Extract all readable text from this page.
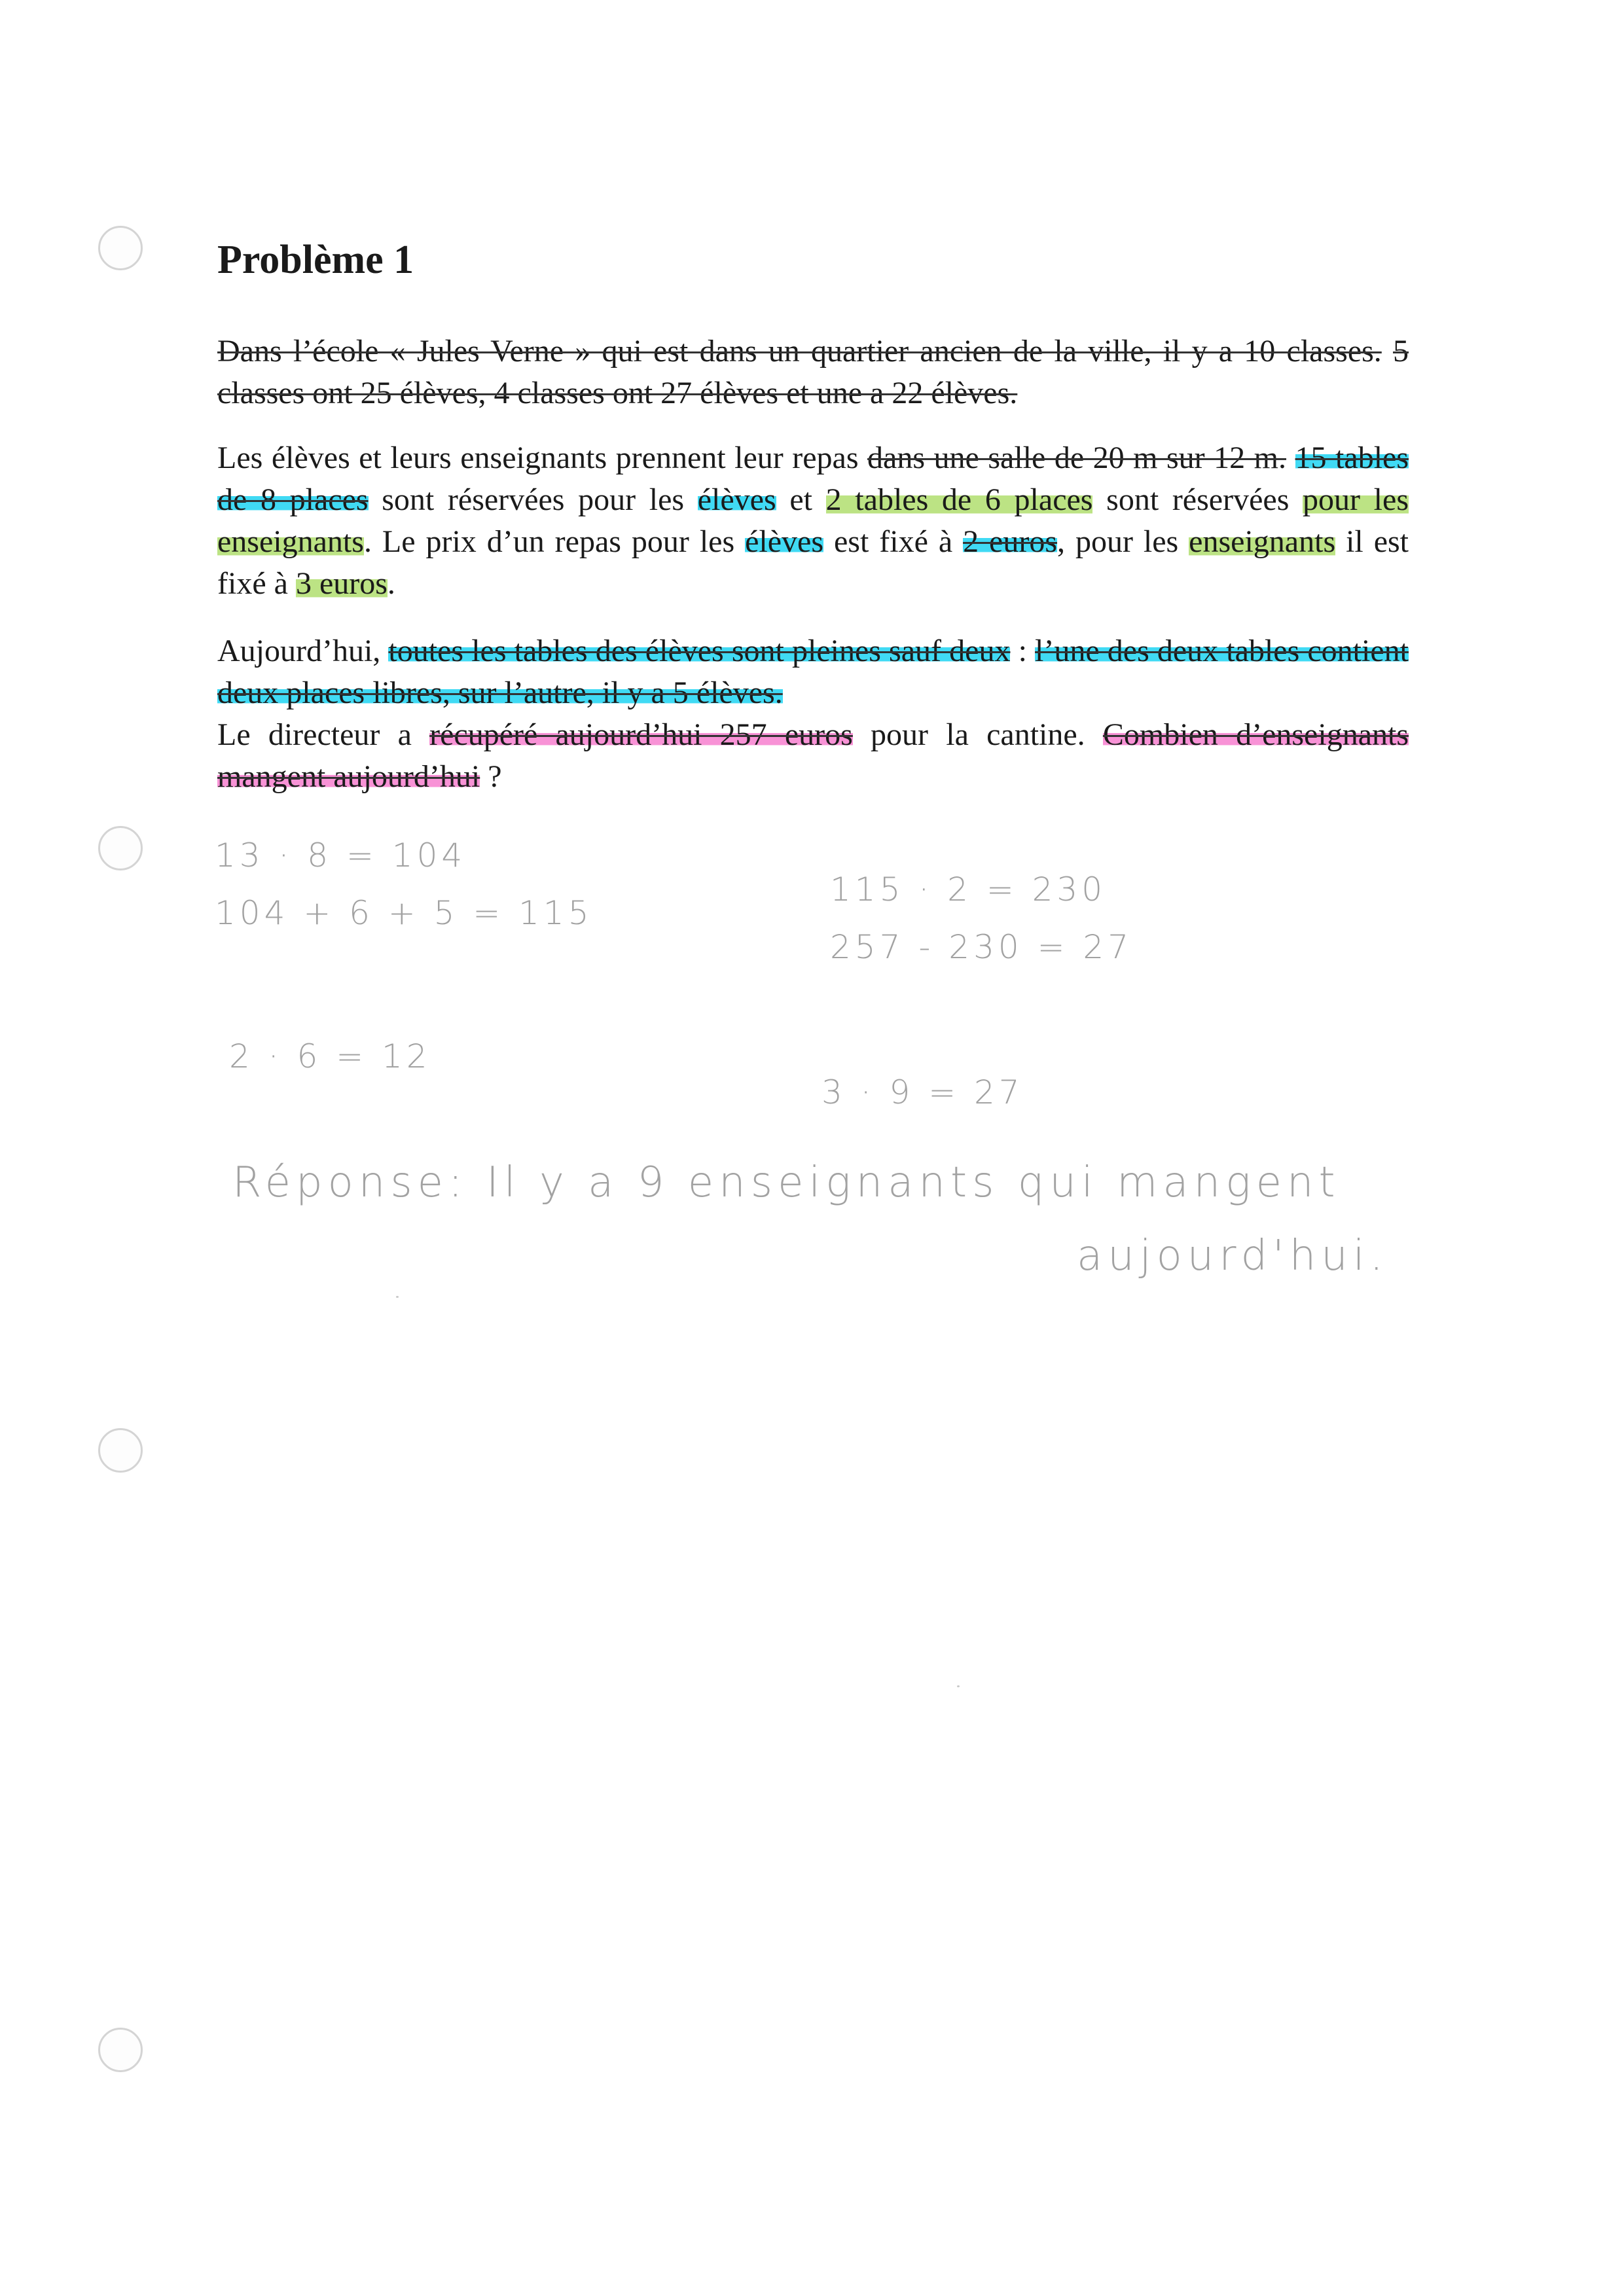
Problème 1

Dans l’école « Jules Verne » qui est dans un quartier ancien de la ville, il y a 10 classes. 5 classes ont 25 élèves, 4 classes ont 27 élèves et une a 22 élèves.

Les élèves et leurs enseignants prennent leur repas dans une salle de 20 m sur 12 m. 15 tables de 8 places sont réservées pour les élèves et 2 tables de 6 places sont réservées pour les enseignants. Le prix d’un repas pour les élèves est fixé à 2 euros, pour les enseignants il est fixé à 3 euros.

Aujourd’hui, toutes les tables des élèves sont pleines sauf deux : l’une des deux tables contient deux places libres, sur l’autre, il y a 5 élèves.
Le directeur a récupéré aujourd’hui 257 euros pour la cantine. Combien d’enseignants mangent aujourd’hui ?

13 · 8 = 104

104 + 6 + 5 = 115

115 · 2 = 230

257 - 230 = 27

2 · 6 = 12

3 · 9 = 27

Réponse: Il y a 9 enseignants qui mangent

aujourd'hui.
